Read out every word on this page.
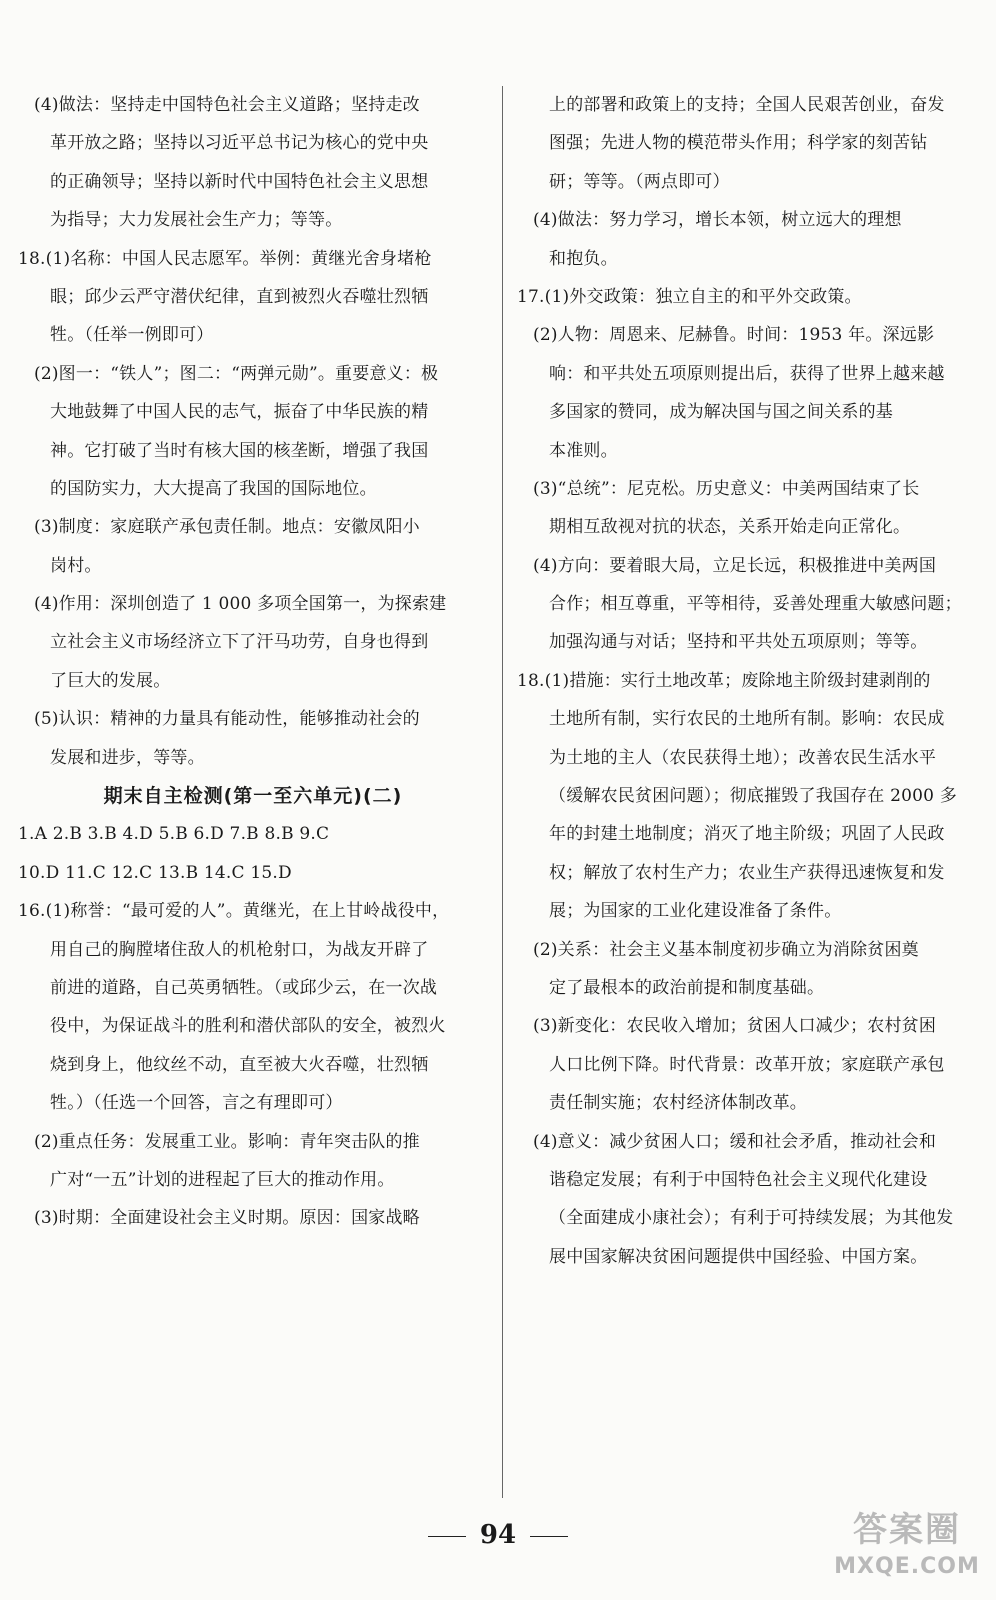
(4)做法：坚持走中国特色社会主义道路；坚持走改
革开放之路；坚持以习近平总书记为核心的党中央
的正确领导；坚持以新时代中国特色社会主义思想
为指导；大力发展社会生产力；等等。
18.(1)名称：中国人民志愿军。举例：黄继光舍身堵枪
眼；邱少云严守潜伏纪律，直到被烈火吞噬壮烈牺
牲。（任举一例即可）
(2)图一：“铁人”；图二：“两弹元勋”。重要意义：极
大地鼓舞了中国人民的志气，振奋了中华民族的精
神。它打破了当时有核大国的核垄断，增强了我国
的国防实力，大大提高了我国的国际地位。
(3)制度：家庭联产承包责任制。地点：安徽凤阳小
岗村。
(4)作用：深圳创造了 1 000 多项全国第一，为探索建
立社会主义市场经济立下了汗马功劳，自身也得到
了巨大的发展。
(5)认识：精神的力量具有能动性，能够推动社会的
发展和进步，等等。
期末自主检测(第一至六单元)(二)
1.A 2.B 3.B 4.D 5.B 6.D 7.B 8.B 9.C
10.D 11.C 12.C 13.B 14.C 15.D
16.(1)称誉：“最可爱的人”。黄继光，在上甘岭战役中，
用自己的胸膛堵住敌人的机枪射口，为战友开辟了
前进的道路，自己英勇牺牲。（或邱少云，在一次战
役中，为保证战斗的胜利和潜伏部队的安全，被烈火
烧到身上，他纹丝不动，直至被大火吞噬，壮烈牺
牲。）（任选一个回答，言之有理即可）
(2)重点任务：发展重工业。影响：青年突击队的推
广对“一五”计划的进程起了巨大的推动作用。
(3)时期：全面建设社会主义时期。原因：国家战略
上的部署和政策上的支持；全国人民艰苦创业，奋发
图强；先进人物的模范带头作用；科学家的刻苦钻
研；等等。（两点即可）
(4)做法：努力学习，增长本领，树立远大的理想
和抱负。
17.(1)外交政策：独立自主的和平外交政策。
(2)人物：周恩来、尼赫鲁。时间：1953 年。深远影
响：和平共处五项原则提出后，获得了世界上越来越
多国家的赞同，成为解决国与国之间关系的基
本准则。
(3)“总统”：尼克松。历史意义：中美两国结束了长
期相互敌视对抗的状态，关系开始走向正常化。
(4)方向：要着眼大局，立足长远，积极推进中美两国
合作；相互尊重，平等相待，妥善处理重大敏感问题；
加强沟通与对话；坚持和平共处五项原则；等等。
18.(1)措施：实行土地改革；废除地主阶级封建剥削的
土地所有制，实行农民的土地所有制。影响：农民成
为土地的主人（农民获得土地）；改善农民生活水平
（缓解农民贫困问题）；彻底摧毁了我国存在 2000 多
年的封建土地制度；消灭了地主阶级；巩固了人民政
权；解放了农村生产力；农业生产获得迅速恢复和发
展；为国家的工业化建设准备了条件。
(2)关系：社会主义基本制度初步确立为消除贫困奠
定了最根本的政治前提和制度基础。
(3)新变化：农民收入增加；贫困人口减少；农村贫困
人口比例下降。时代背景：改革开放；家庭联产承包
责任制实施；农村经济体制改革。
(4)意义：减少贫困人口；缓和社会矛盾，推动社会和
谐稳定发展；有利于中国特色社会主义现代化建设
（全面建成小康社会）；有利于可持续发展；为其他发
展中国家解决贫困问题提供中国经验、中国方案。
94	答案圈
MXQE.COM
